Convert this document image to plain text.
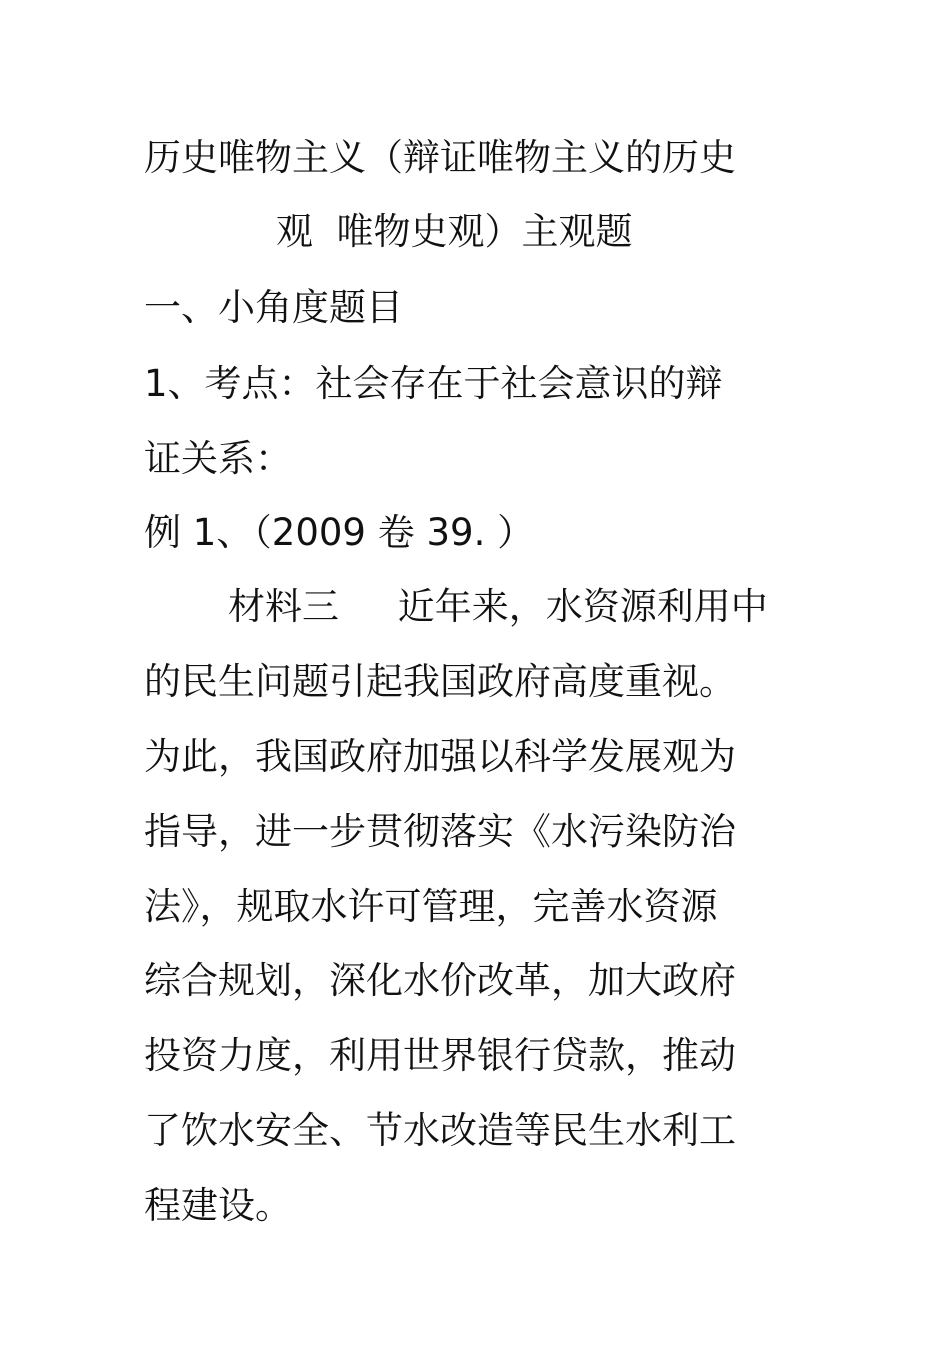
历史唯物主义（辩证唯物主义的历史
观  唯物史观）主观题
一、小角度题目
1、考点：社会存在于社会意识的辩
证关系：
例 1、（2009 卷 39. ）
材料三     近年来，水资源利用中
的民生问题引起我国政府高度重视。
为此，我国政府加强以科学发展观为
指导，进一步贯彻落实《水污染防治
法》，规取水许可管理，完善水资源
综合规划，深化水价改革，加大政府
投资力度，利用世界银行贷款，推动
了饮水安全、节水改造等民生水利工
程建设。
